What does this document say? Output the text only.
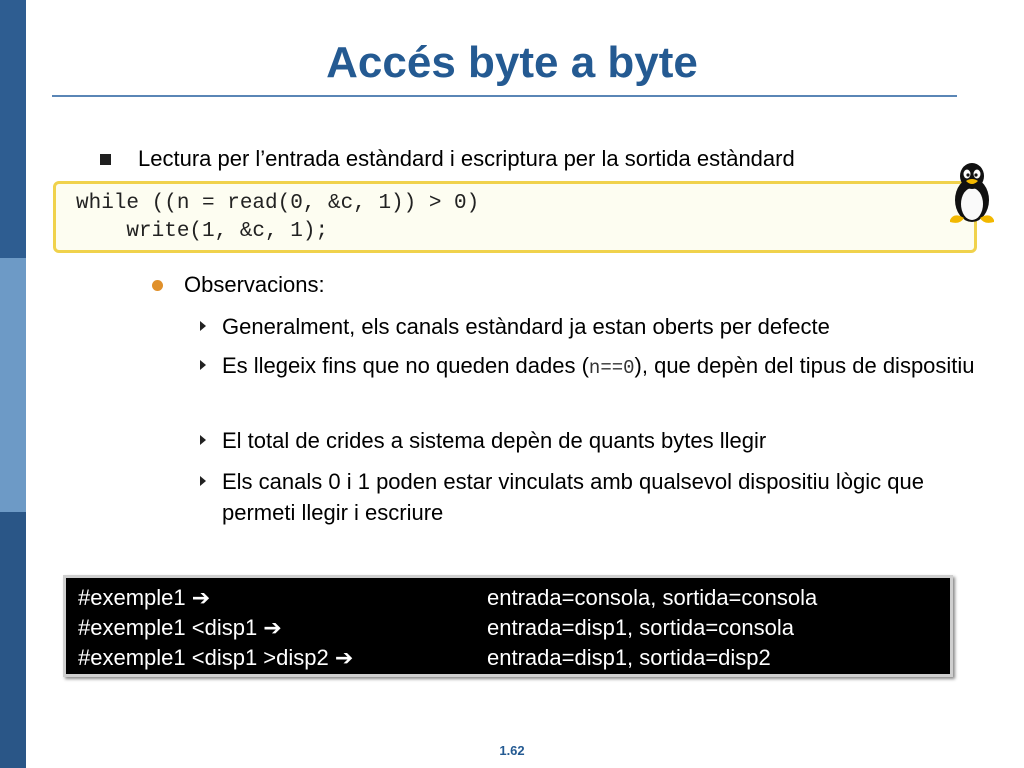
Accés byte a byte
Lectura per l’entrada estàndard i escriptura per la sortida estàndard
while ((n = read(0, &c, 1)) > 0)
write(1, &c, 1);
Observacions:
Generalment, els canals estàndard ja estan oberts per defecte
Es llegeix fins que no queden dades (n==0), que depèn del tipus de dispositiu
El total de crides a sistema depèn de quants bytes llegir
Els canals 0 i 1 poden estar vinculats amb qualsevol dispositiu lògic que permeti llegir i escriure
#exemple1 ➔	entrada=consola, sortida=consola
#exemple1 <disp1 ➔	entrada=disp1, sortida=consola
#exemple1 <disp1 >disp2 ➔	entrada=disp1, sortida=disp2
1.62
